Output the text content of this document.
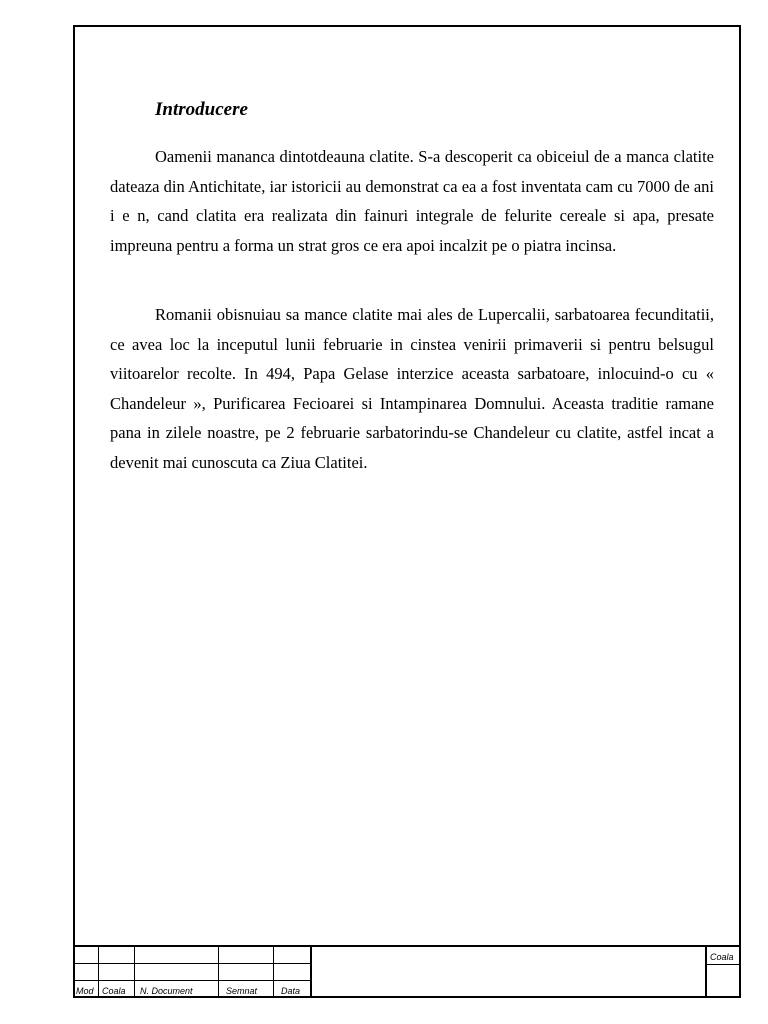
Introducere

Oamenii mananca dintotdeauna clatite. S-a descoperit ca obiceiul de a manca clatite dateaza din Antichitate, iar istoricii au demonstrat ca ea a fost inventata cam cu 7000 de ani i e n, cand clatita era realizata din fainuri integrale de felurite cereale si apa, presate impreuna pentru a forma un strat gros ce era apoi incalzit pe o piatra incinsa.

Romanii obisnuiau sa mance clatite mai ales de Lupercalii, sarbatoarea fecunditatii, ce avea loc la inceputul lunii februarie in cinstea venirii primaverii si pentru belsugul viitoarelor recolte. In 494, Papa Gelase interzice aceasta sarbatoare, inlocuind-o cu « Chandeleur », Purificarea Fecioarei si Intampinarea Domnului. Aceasta traditie ramane pana in zilele noastre, pe 2 februarie sarbatorindu-se Chandeleur cu clatite, astfel incat a devenit mai cunoscuta ca Ziua Clatitei.

Mod Coala N. Document	Semnat	Data
Coala
